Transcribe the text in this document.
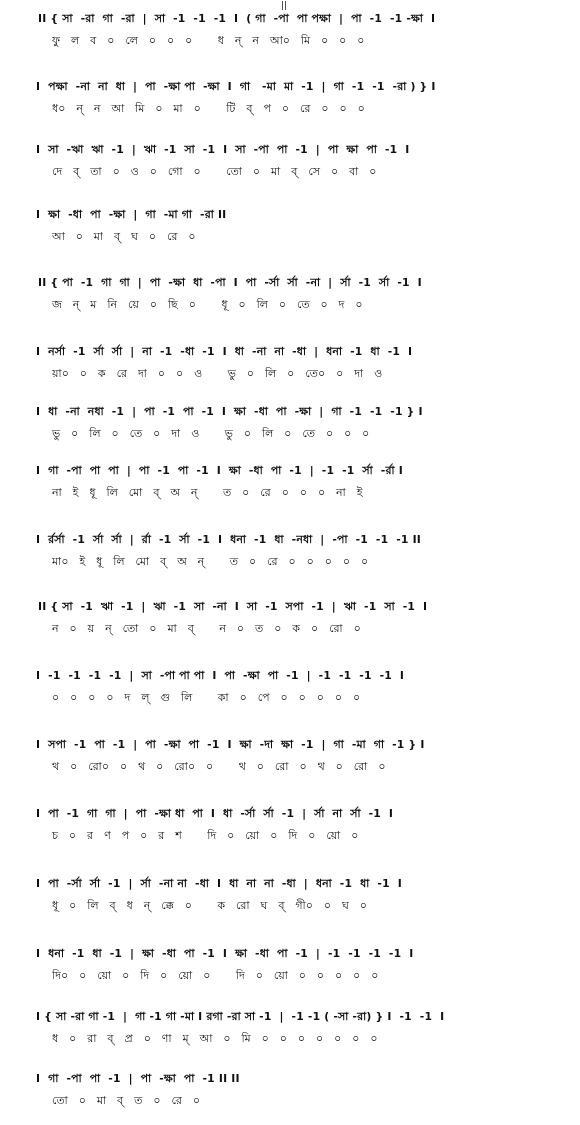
||
II { সা  -রা  গা  -রা  |  সা  -1  -1  -1  I  ( গা  -পা  পা পক্ষা  |  পা  -1  -1 -ক্ষা  I
ফু   ল   ব   ০   লে   ০   ০   ০       ধ   ন্   ন   আ০   মি   ০   ০   ০
I  পক্ষা  -না  না  ধা  |  পা  -ক্ষা পা  -ক্ষা  I  গা   -মা  মা  -1  |  গা  -1  -1  -রা ) } I
ধ০   ন্   ন   আ   মি   ০   মা   ০       টি   ব্   প   ০   রে   ০   ০   ০
I  সা  -ঋা  ঋা  -1  |  ঋা  -1  সা  -1  I  সা  -পা  পা  -1  |  পা  ক্ষা  পা  -1  I
দে   ব্   তা   ০   ও   ০   গো   ০       তো   ০   মা   ব্   সে   ০   বা   ০
I  ক্ষা  -ধা  পা  -ক্ষা  |  গা  -মা গা  -রা II
আ   ০   মা   ব্   ঘ   ০   রে   ০
II { পা  -1  গা  গা  |  পা  -ক্ষা  ধা  -পা  I  পা  -র্সা  র্সা  -না  |  র্সা  -1  র্সা  -1  I
জ   ন্   ম   নি   য়ে   ০   ছি   ০       ধূ   ০   লি   ০   তে   ০   দ   ০
I  নর্সা  -1  র্সা  র্সা  |  না  -1  -ধা  -1  I  ধা  -না  না  -ধা  |  ধনা  -1  ধা  -1  I
য়া০   ০   ক   রে   দা   ০   ০   ও       ভু   ০   লি   ০   তে০   ০   দা   ও
I  ধা  -না  নধা  -1  |  পা  -1  পা  -1  I  ক্ষা  -ধা  পা  -ক্ষা  |  গা  -1  -1  -1 } I
ভু   ০   লি   ০   তে   ০   দা   ও       ভু   ০   লি   ০   তে   ০   ০   ০
I  গা  -পা  পা  পা  |  পা  -1  পা  -1  I  ক্ষা  -ধা  পা  -1  |  -1  -1  র্সা  -র্রা I
না   ই   ধূ   লি   মো   ব্   অ   ন্       ত   ০   রে   ০   ০   ০   না   ই
I  র্রর্সা  -1  র্সা  র্সা  |  র্রা  -1  র্সা  -1  I  ধনা  -1  ধা  -নধা  |  -পা  -1  -1  -1 II
মা০   ই   ধূ   লি   মো   ব্   অ   ন্       ত   ০   রে   ০   ০   ০   ০   ০
II { সা  -1  ঋা  -1  |  ঋা  -1  সা  -না  I  সা  -1  সপা  -1  |  ঋা  -1  সা  -1  I
ন   ০   য়   ন্   তো   ০   মা   ব্       ন   ০   ত   ০   ক   ০   রো   ০
I  -1  -1  -1  -1  |  সা  -পা পা পা  I  পা  -ক্ষা  পা  -1  |  -1  -1  -1  -1  I
০   ০   ০   ০   দ   ল্   গু   লি       কা   ০   পে   ০   ০   ০   ০   ০
I  সপা  -1  পা  -1  |  পা  -ক্ষা  পা  -1  I  ক্ষা  -দা  ক্ষা  -1  |  গা  -মা  গা  -1 } I
থ   ০   রো০   ০   থ   ০   রো০   ০       থ   ০   রো   ০   থ   ০   রো   ০
I  পা  -1  গা  গা  |  পা  -ক্ষা ধা  পা  I  ধা  -র্সা  র্সা  -1  |  র্সা  না  র্সা  -1  I
চ   ০   র   ণ   প   ০   র   শ       দি   ০   য়ো   ০   দি   ০   য়ো   ০
I  পা  -র্সা  র্সা  -1  |  র্সা  -না না  -ধা  I  ধা  না  না  -ধা  |  ধনা  -1  ধা  -1  I
ধূ   ০   লি   ব্   ধ   ন্   ক্কে   ০       ক   রো   ঘ   ব্   গী০   ০   ঘ   ০
I  ধনা  -1  ধা  -1  |  ক্ষা  -ধা  পা  -1  I  ক্ষা  -ধা  পা  -1  |  -1  -1  -1  -1  I
দি০   ০   য়ো   ০   দি   ০   য়ো   ০       দি   ০   য়ো   ০   ০   ০   ০   ০
I { সা -রা গা -1  |  গা -1 গা -মা I রগা -রা সা -1  |  -1 -1 ( -সা -রা) } I  -1  -1  I
ধ   ০   রা   ব্   প্র   ০   ণা   ম্   আ   ০   মি   ০   ০   ০   ০   ০   ০   ০
I  গা  -পা  পা  -1  |  পা  -ক্ষা  পা  -1 II II
তো   ০   মা   ব্   ত   ০   রে   ০
